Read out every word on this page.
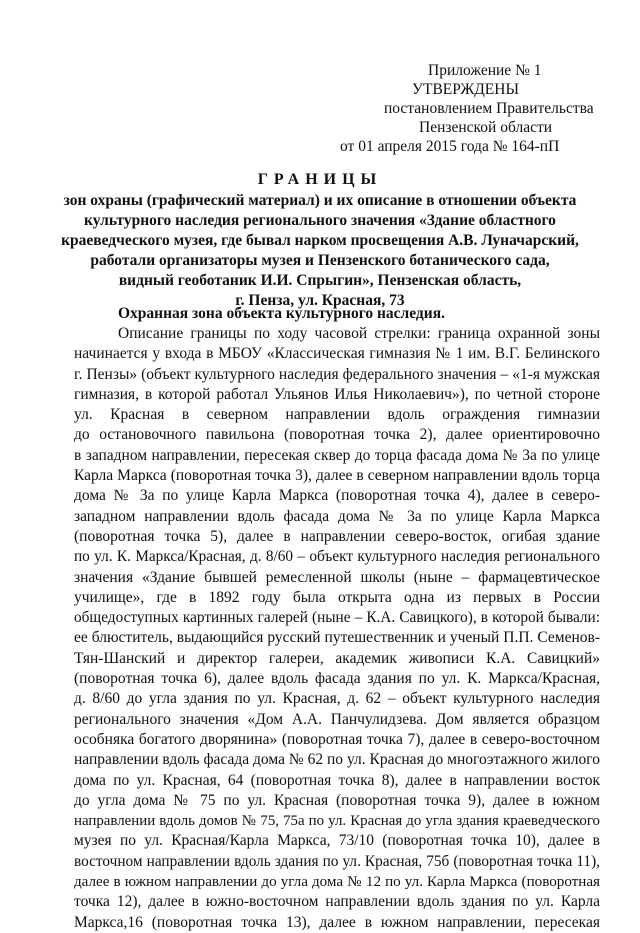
Приложение № 1
УТВЕРЖДЕНЫ
постановлением Правительства
Пензенской области
от 01 апреля 2015 года № 164-пП
ГРАНИЦЫ
зон охраны (графический материал) и их описание в отношении объекта
культурного наследия регионального значения «Здание областного
краеведческого музея, где бывал нарком просвещения А.В. Луначарский,
работали организаторы музея и Пензенского ботанического сада,
видный геоботаник И.И. Спрыгин», Пензенская область,
г. Пенза, ул. Красная, 73
Охранная зона объекта культурного наследия.
Описание границы по ходу часовой стрелки: граница охранной зоны
начинается у входа в МБОУ «Классическая гимназия № 1 им. В.Г. Белинского
г. Пензы» (объект культурного наследия федерального значения – «1-я мужская
гимназия, в которой работал Ульянов Илья Николаевич»), по четной стороне
ул. Красная в северном направлении вдоль ограждения гимназии
до остановочного павильона (поворотная точка 2), далее ориентировочно
в западном направлении, пересекая сквер до торца фасада дома № 3а по улице
Карла Маркса (поворотная точка 3), далее в северном направлении вдоль торца
дома № 3а по улице Карла Маркса (поворотная точка 4), далее в северо-
западном направлении вдоль фасада дома № 3а по улице Карла Маркса
(поворотная точка 5), далее в направлении северо-восток, огибая здание
по ул. К. Маркса/Красная, д. 8/60 – объект культурного наследия регионального
значения «Здание бывшей ремесленной школы (ныне – фармацевтическое
училище», где в 1892 году была открыта одна из первых в России
общедоступных картинных галерей (ныне – К.А. Савицкого), в которой бывали:
ее блюститель, выдающийся русский путешественник и ученый П.П. Семенов-
Тян-Шанский и директор галереи, академик живописи К.А. Савицкий»
(поворотная точка 6), далее вдоль фасада здания по ул. К. Маркса/Красная,
д. 8/60 до угла здания по ул. Красная, д. 62 – объект культурного наследия
регионального значения «Дом А.А. Панчулидзева. Дом является образцом
особняка богатого дворянина» (поворотная точка 7), далее в северо-восточном
направлении вдоль фасада дома № 62 по ул. Красная до многоэтажного жилого
дома по ул. Красная, 64 (поворотная точка 8), далее в направлении восток
до угла дома № 75 по ул. Красная (поворотная точка 9), далее в южном
направлении вдоль домов № 75, 75а по ул. Красная до угла здания краеведческого
музея по ул. Красная/Карла Маркса, 73/10 (поворотная точка 10), далее в
восточном направлении вдоль здания по ул. Красная, 75б (поворотная точка 11),
далее в южном направлении до угла дома № 12 по ул. Карла Маркса (поворотная
точка 12), далее в южно-восточном направлении вдоль здания по ул. Карла
Маркса,16 (поворотная точка 13), далее в южном направлении, пересекая
